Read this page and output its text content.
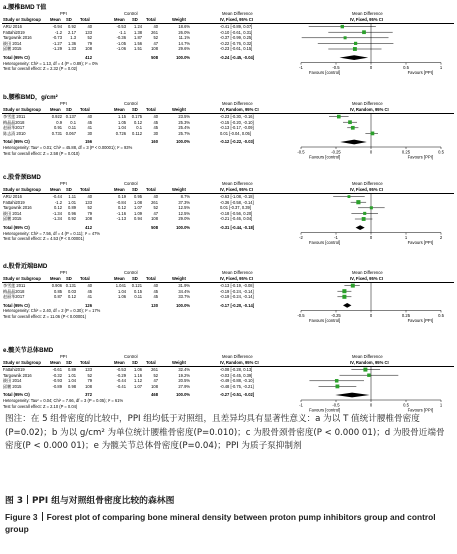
a.腰椎BMD T值
PPI	Control	Mean Difference	Mean Difference
Study or Subgroup Mean SD Total	Mean SD Total	Weight	IV, Fixed, 95% CI	IV, Fixed, 95% CI
ARU 2016	-0.94	0.92	40	-0.53	1.24	40	18.6%	-0.41 [-0.89, 0.07]
Fattahi2019	-1.2	2.17	133	-1.1	1.38	261	26.0%	-0.10 [-0.61, 0.31]
Targownik 2016	-0.73	1.3	52	-0.36	1.87	52	11.1%	-0.37 [-0.99, 0.25]
筱田 2014	-1.27	1.36	79	-1.05	1.56	47	14.7%	-0.22 [-0.76, 0.32]
邱鹏 2015	-1.29	1.33	108	-1.06	1.51	108	29.6%	-0.23 [-0.61, 0.15]
Total (95% CI)	412	508	100.0%	-0.24 [-0.45, -0.04]
Heterogeneity: Chi² = 1.13, df = 4 (P = 0.89); I² = 0%
Test for overall effect: Z = 2.32 (P = 0.02)	-1	-0.5	0	0.5	1
Favours [control]	Favours [PPI]
b.腰椎BMD，g/cm²
PPI	Control	Mean Difference	Mean Difference
Study or Subgroup Mean SD Total	Mean SD Total	Weight	IV, Random, 95% CI	IV, Random, 95% CI
李雪莲 2011	0.922 0.137	40	1.15	0.175	40	23.5%	-0.23 [-0.30, -0.16]
梅晶晶2018	0.9	0.1	45	1.05	0.12	45	25.3%	-0.15 [-0.20, -0.10]
赵丽华2017	0.91	0.11	41	1.04	0.1	45	25.4%	-0.13 [-0.17, -0.09]
陈志清 2010	0.731 0.067	30	0.726	0.112	30	25.7%	0.01 [-0.04, 0.05]
Total (95% CI)	156	160	100.0%	-0.12 [-0.22, -0.03]
Heterogeneity: Tau² = 0.01; Chi² = 45.88, df = 3 (P < 0.00001); I² = 93%
Test for overall effect: Z = 2.58 (P = 0.010)	-0.5	-0.25	0	0.25	0.5
Favours [control]	Favours [PPI]
c.股骨颈BMD
PPI	Control	Mean Difference	Mean Difference
Study or Subgroup Mean SD Total	Mean SD Total	Weight	IV, Fixed, 95% CI	IV, Fixed, 95% CI
ARU 2016	-0.44	1.11	40	0.19	0.95	40	8.7%	-0.63 [-1.08, -0.18]
Fattahi2019	-1.2	1.01	133	-0.84	1.08	261	37.3%	-0.36 [-0.58, -0.14]
Targownik 2016	0.12	0.89	52	0.12	1.07	52	12.5%	0.01 [-0.37, 0.39]
筱田 2014	-1.34	0.96	79	-1.16	1.09	47	12.5%	-0.18 [-0.56, 0.20]
邱鹏 2015	-1.34	0.92	108	-1.13	0.94	108	29.0%	-0.21 [-0.46, 0.04]
Total (95% CI)	412	508	100.0%	-0.31 [-0.44, -0.18]
Heterogeneity: Chi² = 7.56, df = 4 (P = 0.11); I² = 47%
Test for overall effect: Z = 4.53 (P < 0.00001)	-2	-1	0	1	2
Favours [control]	Favours [PPI]
d.股骨近端BMD
PPI	Control	Mean Difference	Mean Difference
Study or Subgroup Mean SD Total	Mean SD Total	Weight	IV, Fixed, 95% CI	IV, Fixed, 95% CI
李雪莲 2011	0.906 0.131	40	1.041	0.121	40	31.9%	-0.13 [-0.19, -0.08]
梅晶晶2018	0.85	0.03	45	1.04	0.15	45	34.4%	-0.19 [-0.24, -0.14]
赵丽华2017	0.87	0.12	41	1.06	0.11	45	33.7%	-0.19 [-0.24, -0.14]
Total (95% CI)	126	130	100.0%	-0.17 [-0.20, -0.14]
Heterogeneity: Chi² = 2.40, df = 2 (P = 0.30); I² = 17%
Test for overall effect: Z = 11.06 (P < 0.00001)	-0.5	-0.25	0	0.25	0.5
Favours [control]	Favours [PPI]
e.髋关节总体BMD
PPI	Control	Mean Difference	Mean Difference
Study or Subgroup Mean SD Total	Mean SD Total	Weight	IV, Random, 95% CI	IV, Random, 95% CI
Fattahi2019	-0.61	0.89	133	-0.53	1.06	261	32.4%	-0.08 [-0.28, 0.13]
Targownik 2016	-0.32	1.01	52	-0.29	1.16	52	19.2%	-0.03 [-0.45, 0.39]
筱田 2014	-0.93	1.04	79	-0.44	1.12	47	20.5%	-0.49 [-0.88, -0.10]
邱鹏 2015	-0.89	0.98	108	-0.41	1.07	108	27.9%	-0.48 [-0.75, -0.21]
Total (95% CI)	372	468	100.0%	-0.27 [-0.51, -0.02]
Heterogeneity: Tau² = 0.04; Chi² = 7.66, df = 3 (P = 0.05); I² = 61%
Test for overall effect: Z = 2.10 (P = 0.04)	-1	-0.5	0	0.5	1
Favours [control]	Favours [PPI]
图注：在 5 组骨密度的比较中，PPI 组均低于对照组，且差异均具有显著性意义：a 为以 T 值统计腰椎骨密度(P=0.02)；b 为以 g/cm² 为单位统计腰椎骨密度(P=0.010)；c 为股骨颈骨密度(P < 0.000 01)；d 为股骨近端骨密度(P < 0.000 01)；e 为髋关节总体骨密度(P=0.04)；PPI 为质子泵抑制剂
图 3 PPI 组与对照组骨密度比较的森林图
Figure 3 Forest plot of comparing bone mineral density between proton pump inhibitors group and control group
